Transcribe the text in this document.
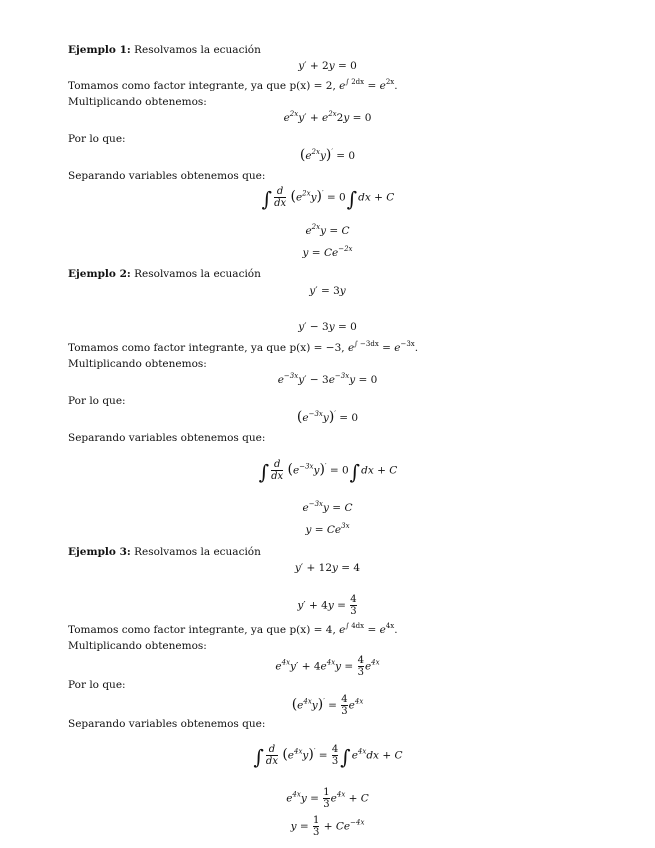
Ejemplo 1: Resolvamos la ecuación
y′ + 2y = 0
Tomamos como factor integrante, ya que p(x) = 2, $e^{\int 2dx} = e^{2x}$.
Multiplicando obtenemos:
$e^{2x}y' + e^{2x}2y = 0$
Por lo que:
$(e^{2x}y)' = 0$
Separando variables obtenemos que:
∫ $\frac{d}{dx} (e^{2x}y)' = 0\int dx + C$
$e^{2x}y = C$
$y = Ce^{-2x}$
Ejemplo 2: Resolvamos la ecuación
y′ = 3y
y′ − 3y = 0
Tomamos como factor integrante, ya que p(x) = −3, $e^{\int -3dx} = e^{-3x}$.
Multiplicando obtenemos:
$e^{-3x}y' - 3e^{-3x}y = 0$
Por lo que:
$(e^{-3x}y)' = 0$
Separando variables obtenemos que:
∫ $\frac{d}{dx} (e^{-3x}y)' = 0\int dx + C$
$e^{-3x}y = C$
$y = Ce^{3x}$
Ejemplo 3: Resolvamos la ecuación
y′ + 12y = 4
$y' + 4y = \frac{4}{3}$
Tomamos como factor integrante, ya que p(x) = 4, $e^{\int 4dx} = e^{4x}$.
Multiplicando obtenemos:
$e^{4x}y' + 4e^{4x}y = \frac{4}{3} e^{4x}$
Por lo que:
$(e^{4x}y)' = \frac{4}{3} e^{4x}$
Separando variables obtenemos que:
∫ $\frac{d}{dx} (e^{4x}y)' = \frac{4}{3} \int e^{4x}dx + C$
$e^{4x}y = \frac{1}{3} e^{4x} + C$
$y = \frac{1}{3} + Ce^{-4x}$
